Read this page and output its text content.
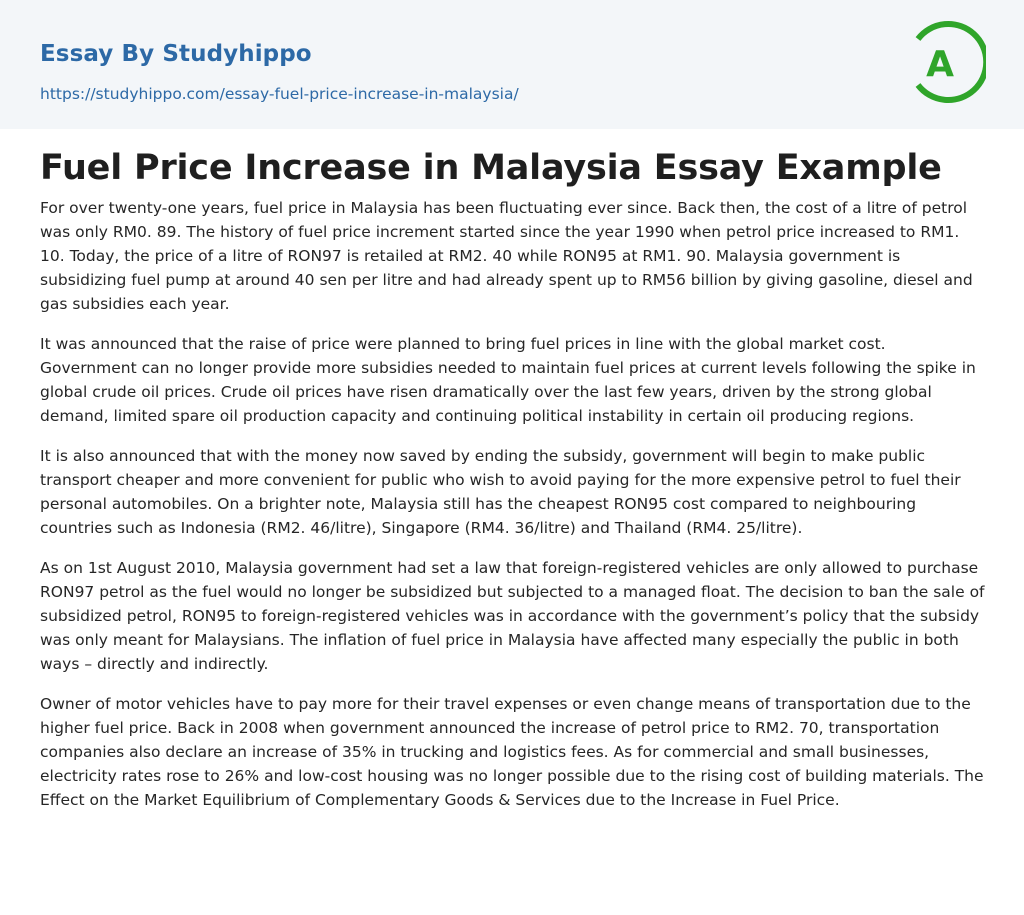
Essay By Studyhippo
https://studyhippo.com/essay-fuel-price-increase-in-malaysia/
A
Fuel Price Increase in Malaysia Essay Example

For over twenty-one years, fuel price in Malaysia has been fluctuating ever since. Back then, the cost of a litre of petrol was only RM0. 89. The history of fuel price increment started since the year 1990 when petrol price increased to RM1. 10. Today, the price of a litre of RON97 is retailed at RM2. 40 while RON95 at RM1. 90. Malaysia government is subsidizing fuel pump at around 40 sen per litre and had already spent up to RM56 billion by giving gasoline, diesel and gas subsidies each year.

It was announced that the raise of price were planned to bring fuel prices in line with the global market cost. Government can no longer provide more subsidies needed to maintain fuel prices at current levels following the spike in global crude oil prices. Crude oil prices have risen dramatically over the last few years, driven by the strong global demand, limited spare oil production capacity and continuing political instability in certain oil producing regions.

It is also announced that with the money now saved by ending the subsidy, government will begin to make public transport cheaper and more convenient for public who wish to avoid paying for the more expensive petrol to fuel their personal automobiles. On a brighter note, Malaysia still has the cheapest RON95 cost compared to neighbouring countries such as Indonesia (RM2. 46/litre), Singapore (RM4. 36/litre) and Thailand (RM4. 25/litre).

As on 1st August 2010, Malaysia government had set a law that foreign-registered vehicles are only allowed to purchase RON97 petrol as the fuel would no longer be subsidized but subjected to a managed float. The decision to ban the sale of subsidized petrol, RON95 to foreign-registered vehicles was in accordance with the government’s policy that the subsidy was only meant for Malaysians. The inflation of fuel price in Malaysia have affected many especially the public in both ways – directly and indirectly.

Owner of motor vehicles have to pay more for their travel expenses or even change means of transportation due to the higher fuel price. Back in 2008 when government announced the increase of petrol price to RM2. 70, transportation companies also declare an increase of 35% in trucking and logistics fees. As for commercial and small businesses, electricity rates rose to 26% and low-cost housing was no longer possible due to the rising cost of building materials. The Effect on the Market Equilibrium of Complementary Goods & Services due to the Increase in Fuel Price.
